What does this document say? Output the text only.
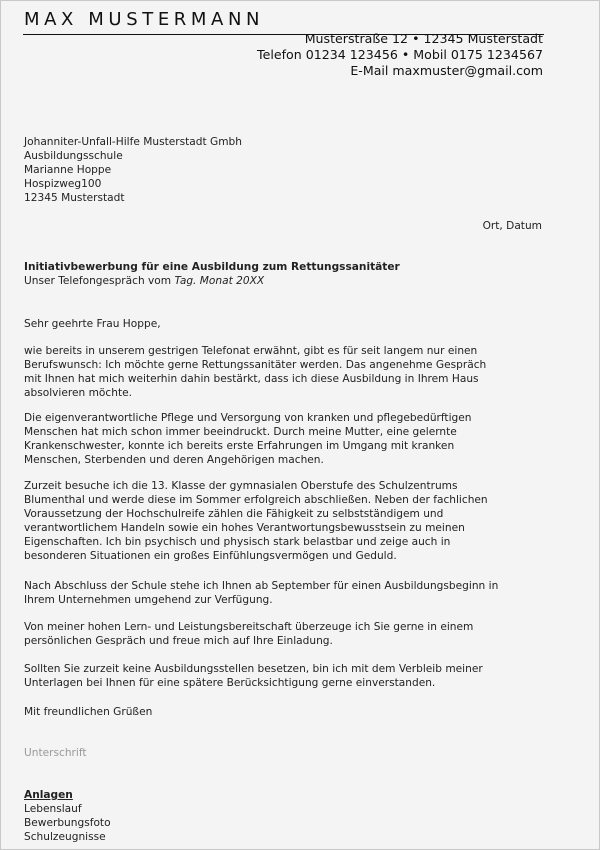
MAX MUSTERMANN
Musterstraße 12 • 12345 Musterstadt
Telefon 01234 123456 • Mobil 0175 1234567
E-Mail maxmuster@gmail.com
Johanniter-Unfall-Hilfe Musterstadt Gmbh
Ausbildungsschule
Marianne Hoppe
Hospizweg100
12345 Musterstadt
Ort, Datum
Initiativbewerbung für eine Ausbildung zum Rettungssanitäter
Unser Telefongespräch vom Tag. Monat 20XX
Sehr geehrte Frau Hoppe,
wie bereits in unserem gestrigen Telefonat erwähnt, gibt es für seit langem nur einen
Berufswunsch: Ich möchte gerne Rettungssanitäter werden. Das angenehme Gespräch
mit Ihnen hat mich weiterhin dahin bestärkt, dass ich diese Ausbildung in Ihrem Haus
absolvieren möchte.
Die eigenverantwortliche Pflege und Versorgung von kranken und pflegebedürftigen
Menschen hat mich schon immer beeindruckt. Durch meine Mutter, eine gelernte
Krankenschwester, konnte ich bereits erste Erfahrungen im Umgang mit kranken
Menschen, Sterbenden und deren Angehörigen machen.
Zurzeit besuche ich die 13. Klasse der gymnasialen Oberstufe des Schulzentrums
Blumenthal und werde diese im Sommer erfolgreich abschließen. Neben der fachlichen
Voraussetzung der Hochschulreife zählen die Fähigkeit zu selbstständigem und
verantwortlichem Handeln sowie ein hohes Verantwortungsbewusstsein zu meinen
Eigenschaften. Ich bin psychisch und physisch stark belastbar und zeige auch in
besonderen Situationen ein großes Einfühlungsvermögen und Geduld.
Nach Abschluss der Schule stehe ich Ihnen ab September für einen Ausbildungsbeginn in
Ihrem Unternehmen umgehend zur Verfügung.
Von meiner hohen Lern- und Leistungsbereitschaft überzeuge ich Sie gerne in einem
persönlichen Gespräch und freue mich auf Ihre Einladung.
Sollten Sie zurzeit keine Ausbildungsstellen besetzen, bin ich mit dem Verbleib meiner
Unterlagen bei Ihnen für eine spätere Berücksichtigung gerne einverstanden.
Mit freundlichen Grüßen
Unterschrift
Anlagen
Lebenslauf
Bewerbungsfoto
Schulzeugnisse
